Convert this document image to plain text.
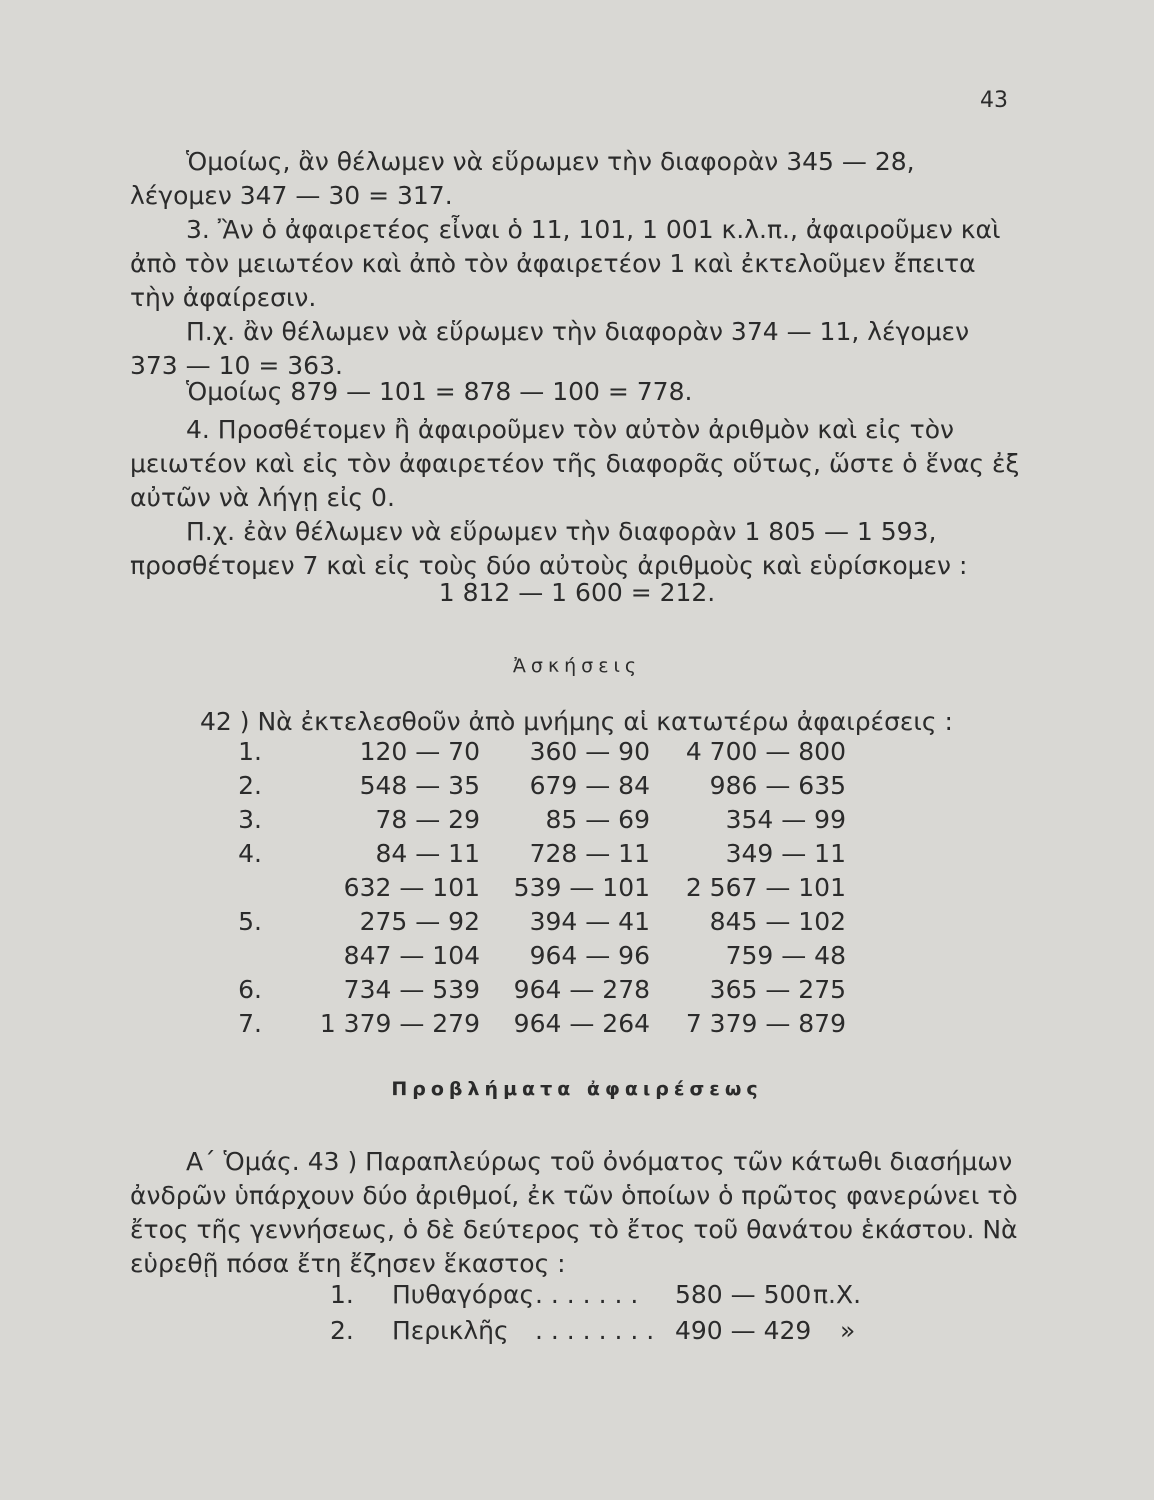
43

Ὁμοίως, ἂν θέλωμεν νὰ εὕρωμεν τὴν διαφορὰν 345 — 28, λέγομεν 347 — 30 = 317.

3. Ἂν ὁ ἀφαιρετέος εἶναι ὁ 11, 101, 1 001 κ.λ.π., ἀφαιροῦμεν καὶ ἀπὸ τὸν μειωτέον καὶ ἀπὸ τὸν ἀφαιρετέον 1 καὶ ἐκτελοῦμεν ἔπειτα τὴν ἀφαίρεσιν.

Π.χ. ἂν θέλωμεν νὰ εὕρωμεν τὴν διαφορὰν 374 — 11, λέγομεν 373 — 10 = 363.

Ὁμοίως 879 — 101 = 878 — 100 = 778.

4. Προσθέτομεν ἢ ἀφαιροῦμεν τὸν αὐτὸν ἀριθμὸν καὶ εἰς τὸν μειωτέον καὶ εἰς τὸν ἀφαιρετέον τῆς διαφορᾶς οὕτως, ὥστε ὁ ἕνας ἐξ αὐτῶν νὰ λήγῃ εἰς 0.

Π.χ. ἐὰν θέλωμεν νὰ εὕρωμεν τὴν διαφορὰν 1 805 — 1 593, προσθέτομεν 7 καὶ εἰς τοὺς δύο αὐτοὺς ἀριθμοὺς καὶ εὑρίσκομεν :

1 812 — 1 600 = 212.
Ἀσκήσεις

42 ) Νὰ ἐκτελεσθοῦν ἀπὸ μνήμης αἱ κατωτέρω ἀφαιρέσεις :

1.	120 — 70	360 — 90	4 700 — 800
2.	548 — 35	679 — 84	986 — 635
3.	78 — 29	85 — 69	354 — 99
4.	84 — 11	728 — 11	349 — 11
	632 — 101	539 — 101	2 567 — 101
5.	275 — 92	394 — 41	845 — 102
	847 — 104	964 — 96	759 — 48
6.	734 — 539	964 — 278	365 — 275
7.	1 379 — 279	964 — 264	7 379 — 879
Προβλήματα ἀφαιρέσεως

Α΄ Ὁμάς. 43 ) Παραπλεύρως τοῦ ὀνόματος τῶν κάτωθι διασήμων ἀνδρῶν ὑπάρχουν δύο ἀριθμοί, ἐκ τῶν ὁποίων ὁ πρῶτος φανερώνει τὸ ἔτος τῆς γεννήσεως, ὁ δὲ δεύτερος τὸ ἔτος τοῦ θανάτου ἑκάστου. Νὰ εὑρεθῇ πόσα ἔτη ἔζησεν ἕκαστος :

1. Πυθαγόρας . . . . . . . 580 — 500 π.Χ.
2. Περικλῆς . . . . . . . . 490 — 429 »
